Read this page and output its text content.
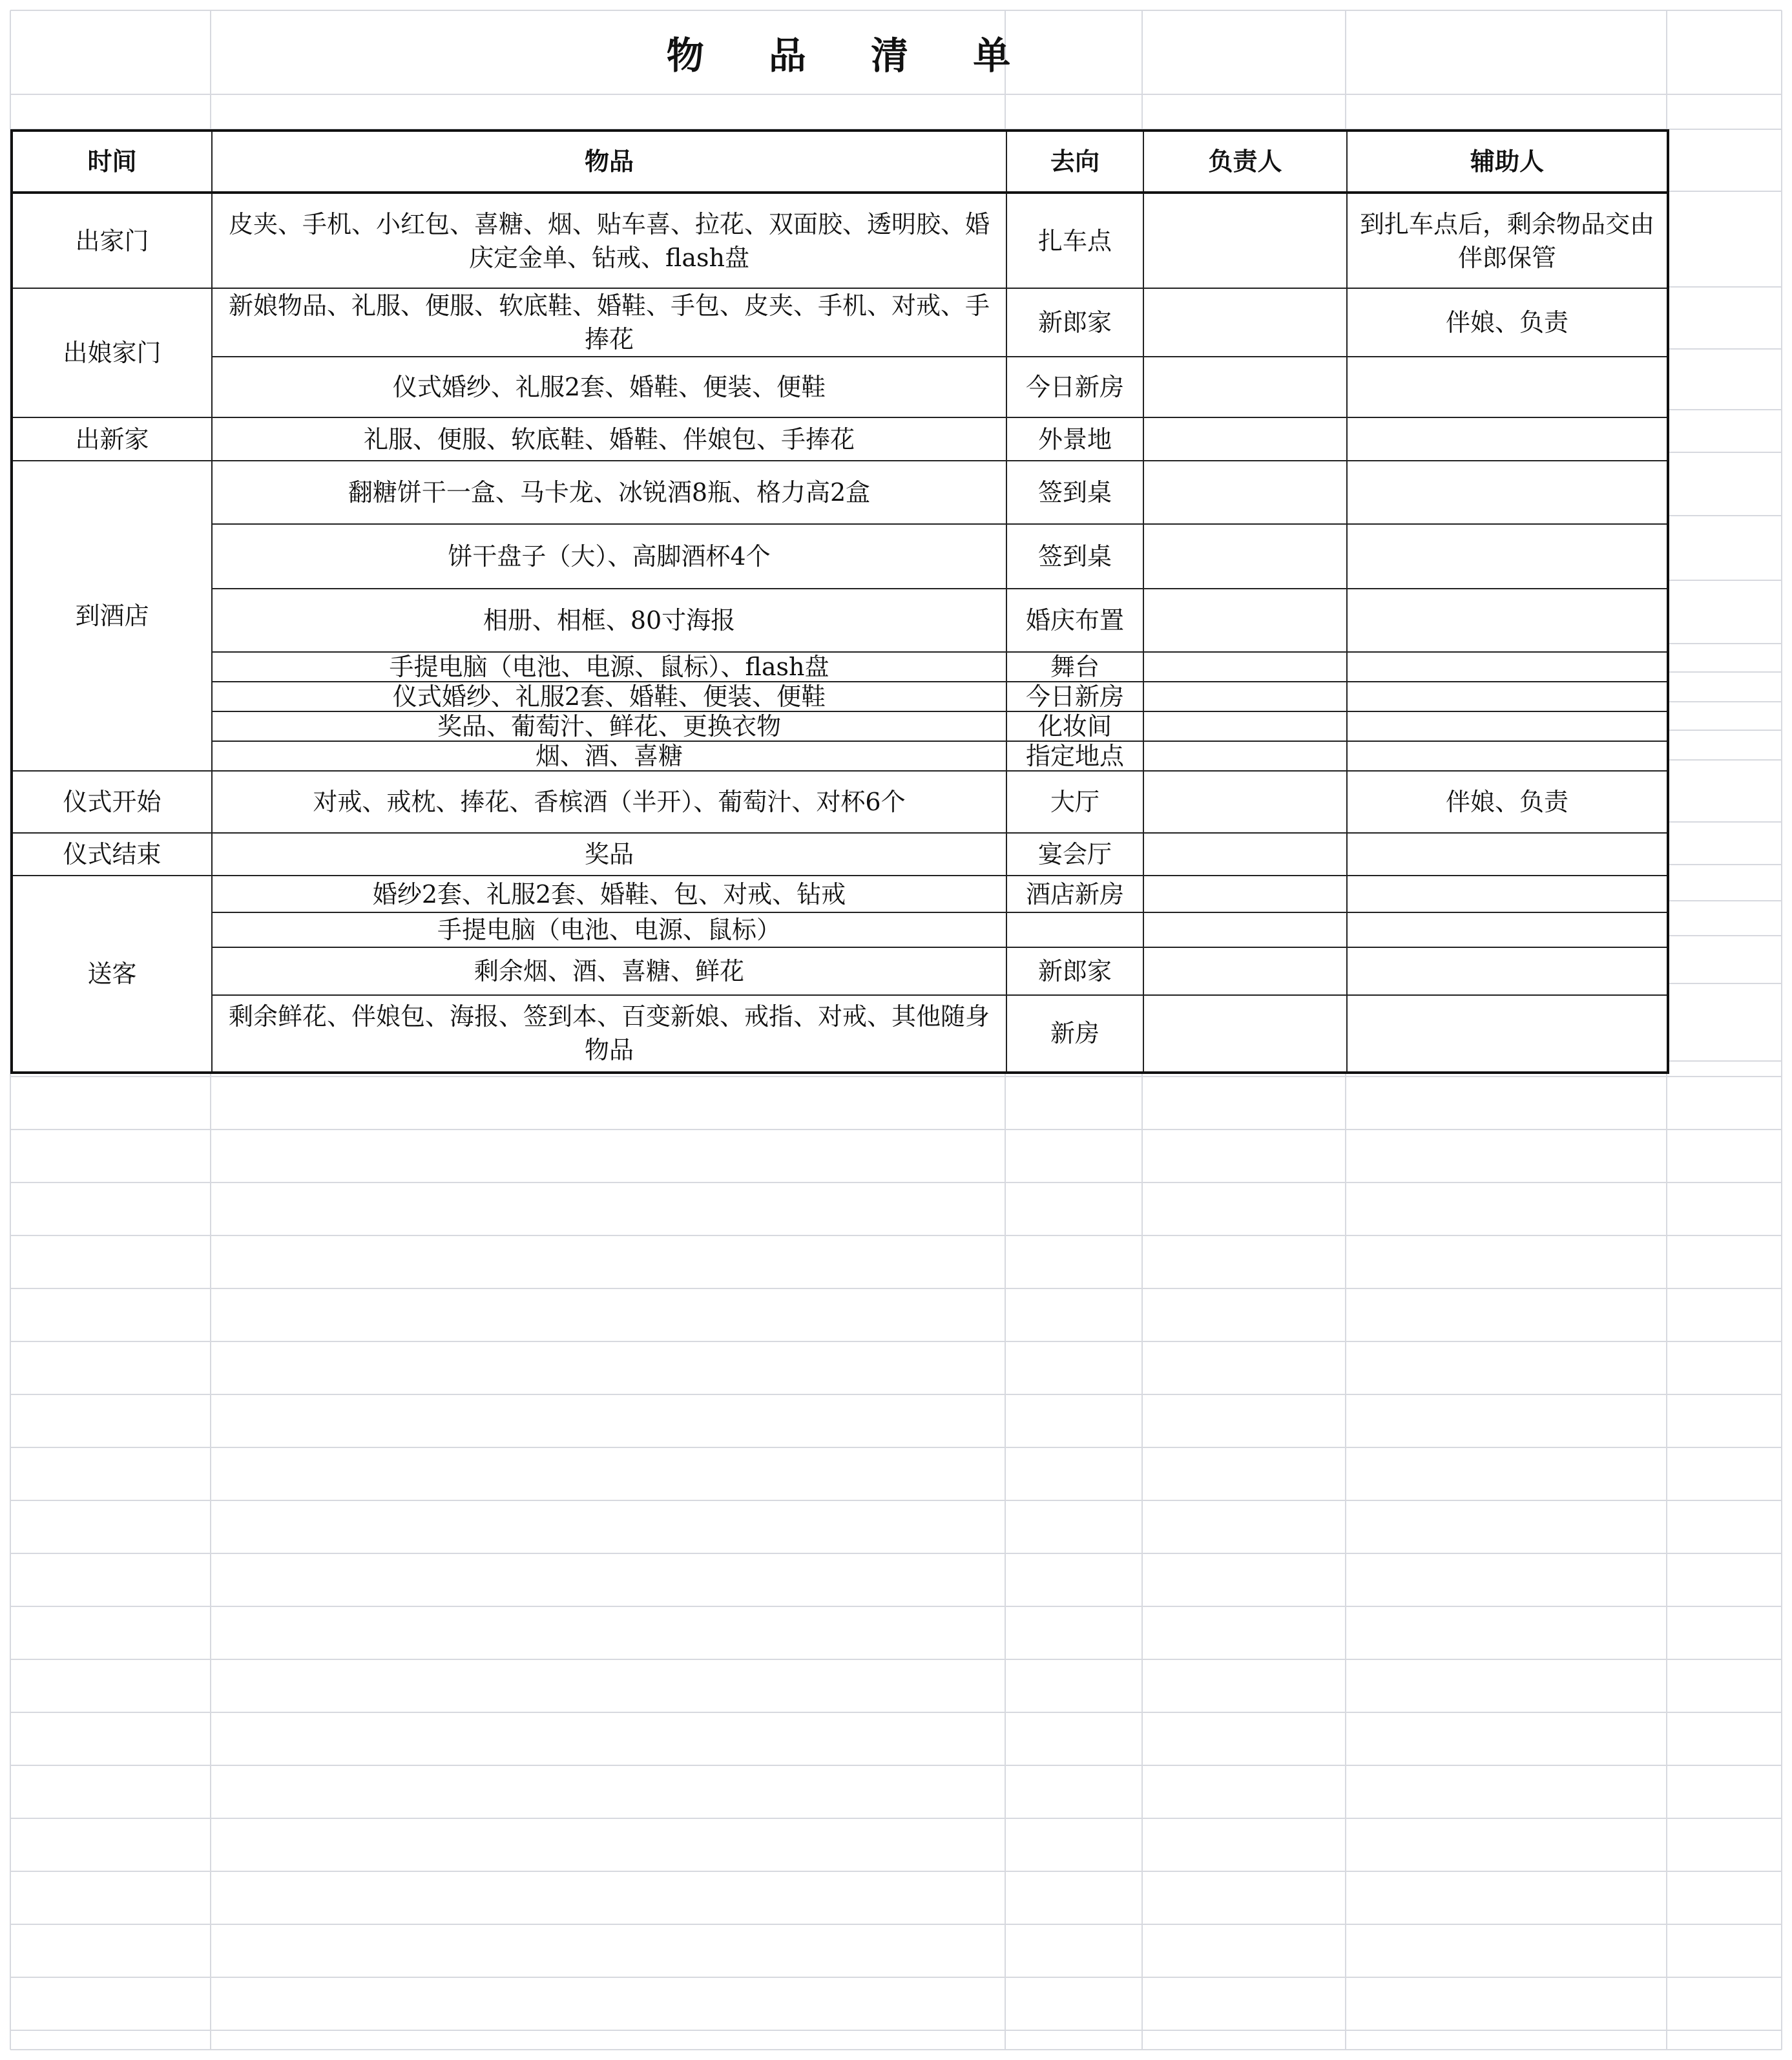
物 品 清 单
时间	物品	去向	负责人	辅助人
出家门	皮夹、手机、小红包、喜糖、烟、贴车喜、拉花、双面胶、透明胶、婚庆定金单、钻戒、flash盘	扎车点		到扎车点后，剩余物品交由伴郎保管
出娘家门	新娘物品、礼服、便服、软底鞋、婚鞋、手包、皮夹、手机、对戒、手捧花	新郎家		伴娘、负责
	仪式婚纱、礼服2套、婚鞋、便装、便鞋	今日新房		
出新家	礼服、便服、软底鞋、婚鞋、伴娘包、手捧花	外景地		
到酒店	翻糖饼干一盒、马卡龙、冰锐酒8瓶、格力高2盒	签到桌		
	饼干盘子（大）、高脚酒杯4个	签到桌		
	相册、相框、80寸海报	婚庆布置		
	手提电脑（电池、电源、鼠标）、flash盘	舞台		
	仪式婚纱、礼服2套、婚鞋、便装、便鞋	今日新房		
	奖品、葡萄汁、鲜花、更换衣物	化妆间		
	烟、酒、喜糖	指定地点		
仪式开始	对戒、戒枕、捧花、香槟酒（半开）、葡萄汁、对杯6个	大厅		伴娘、负责
仪式结束	奖品	宴会厅		
送客	婚纱2套、礼服2套、婚鞋、包、对戒、钻戒	酒店新房		
	手提电脑（电池、电源、鼠标）			
	剩余烟、酒、喜糖、鲜花	新郎家		
	剩余鲜花、伴娘包、海报、签到本、百变新娘、戒指、对戒、其他随身物品	新房		
